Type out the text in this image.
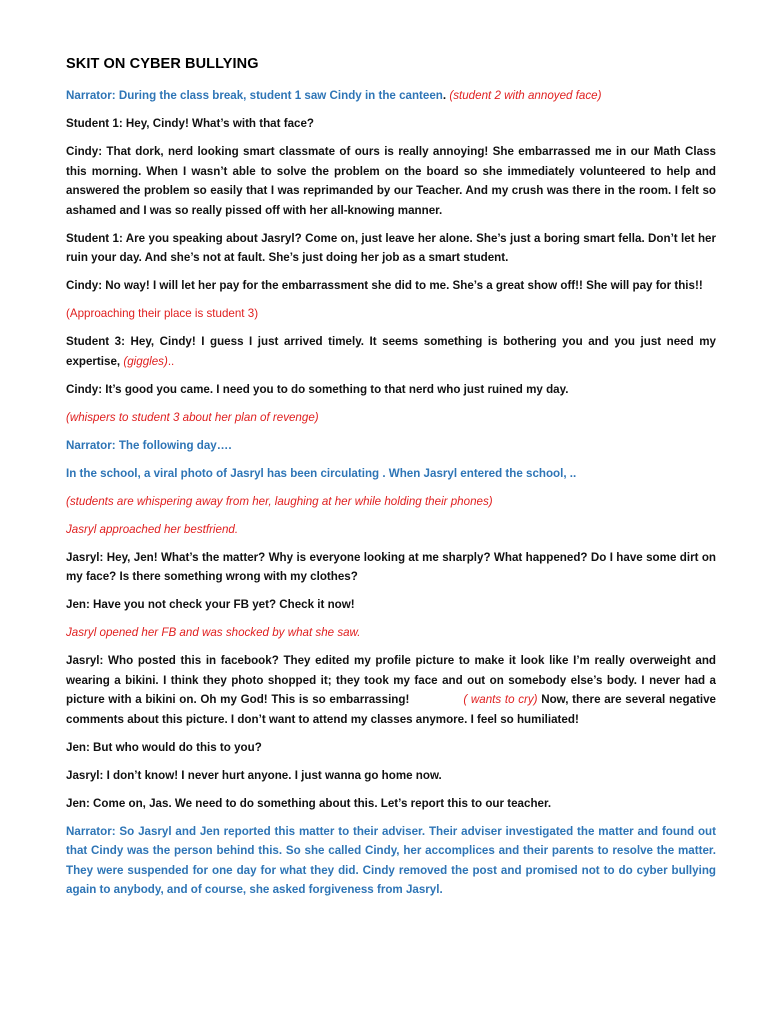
SKIT ON CYBER BULLYING

Narrator: During the class break, student 1 saw Cindy in the canteen. (student 2 with annoyed face)

Student 1: Hey, Cindy! What’s with that face?

Cindy: That dork, nerd looking smart classmate of ours is really annoying! She embarrassed me in our Math Class this morning. When I wasn’t able to solve the problem on the board so she immediately volunteered to help and answered the problem so easily that I was reprimanded by our Teacher. And my crush was there in the room. I felt so ashamed and I was so really pissed off with her all-knowing manner.

Student 1: Are you speaking about Jasryl? Come on, just leave her alone. She’s just a boring smart fella. Don’t let her ruin your day. And she’s not at fault. She’s just doing her job as a smart student.

Cindy: No way! I will let her pay for the embarrassment she did to me. She’s a great show off!! She will pay for this!!

(Approaching their place is student 3)

Student 3: Hey, Cindy! I guess I just arrived timely. It seems something is bothering you and you just need my expertise, (giggles)..

Cindy: It’s good you came. I need you to do something to that nerd who just ruined my day.

(whispers to student 3 about her plan of revenge)

Narrator: The following day….

In the school, a viral photo of Jasryl has been circulating . When Jasryl entered the school, ..

(students are whispering away from her, laughing at her while holding their phones)

Jasryl approached her bestfriend.

Jasryl: Hey, Jen! What’s the matter? Why is everyone looking at me sharply? What happened? Do I have some dirt on my face? Is there something wrong with my clothes?

Jen: Have you not check your FB yet? Check it now!

Jasryl opened her FB and was shocked by what she saw.

Jasryl: Who posted this in facebook? They edited my profile picture to make it look like I’m really overweight and wearing a bikini. I think they photo shopped it; they took my face and out on somebody else’s body. I never had a picture with a bikini on. Oh my God! This is so embarrassing!	( wants to cry) Now, there are several negative comments about this picture. I don’t want to attend my classes anymore. I feel so humiliated!

Jen: But who would do this to you?

Jasryl: I don’t know! I never hurt anyone. I just wanna go home now.

Jen: Come on, Jas. We need to do something about this. Let’s report this to our teacher.

Narrator: So Jasryl and Jen reported this matter to their adviser. Their adviser investigated the matter and found out that Cindy was the person behind this. So she called Cindy, her accomplices and their parents to resolve the matter. They were suspended for one day for what they did. Cindy removed the post and promised not to do cyber bullying again to anybody, and of course, she asked forgiveness from Jasryl.
